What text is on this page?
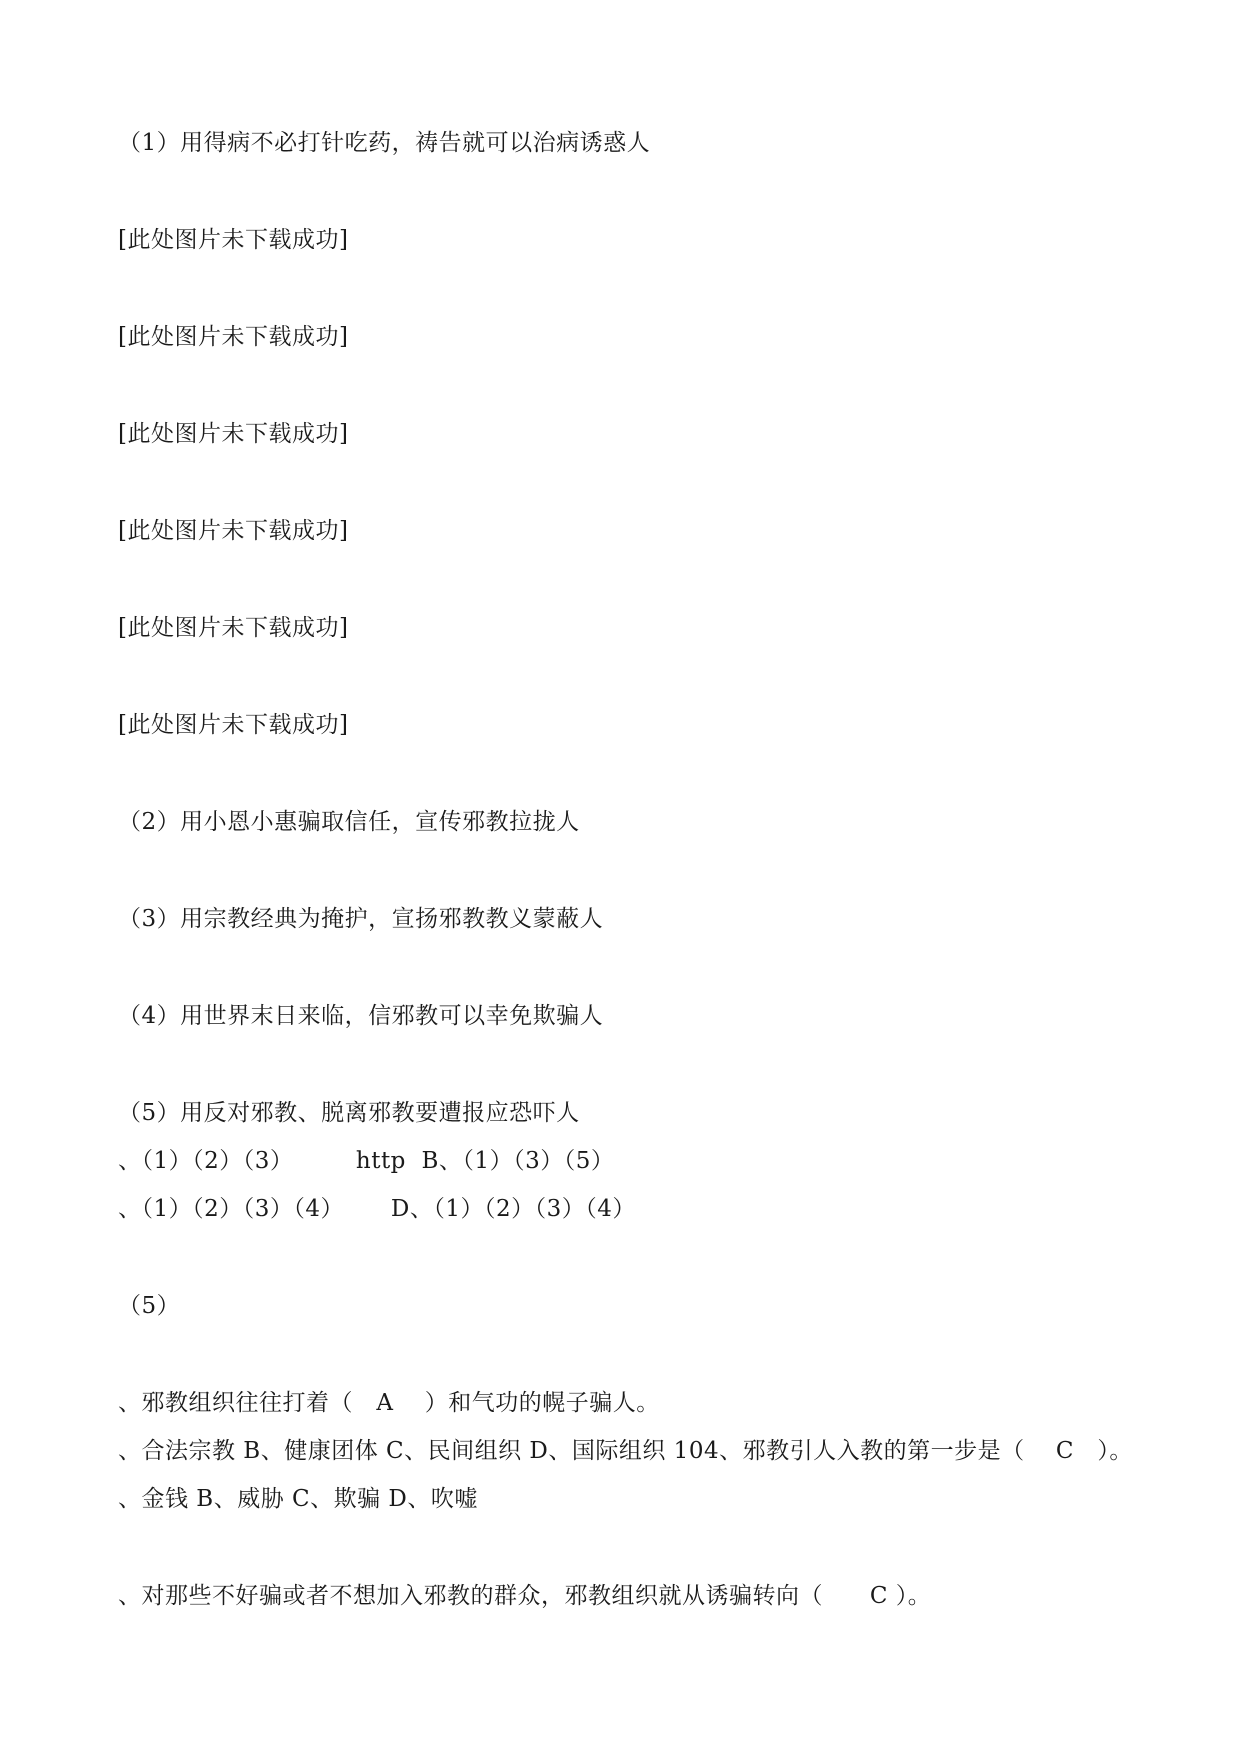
（1）用得病不必打针吃药，祷告就可以治病诱惑人
[此处图片未下载成功]
[此处图片未下载成功]
[此处图片未下载成功]
[此处图片未下载成功]
[此处图片未下载成功]
[此处图片未下载成功]
（2）用小恩小惠骗取信任，宣传邪教拉拢人
（3）用宗教经典为掩护，宣扬邪教教义蒙蔽人
（4）用世界末日来临，信邪教可以幸免欺骗人
（5）用反对邪教、脱离邪教要遭报应恐吓人
、（1）（2）（3）        http  B、（1）（3）（5）
、（1）（2）（3）（4）      D、（1）（2）（3）（4）
（5）
、邪教组织往往打着（   A    ）和气功的幌子骗人。
、合法宗教 B、健康团体 C、民间组织 D、国际组织 104、邪教引人入教的第一步是（    C   ）。
、金钱 B、威胁 C、欺骗 D、吹嘘
、对那些不好骗或者不想加入邪教的群众，邪教组织就从诱骗转向（      C ）。
